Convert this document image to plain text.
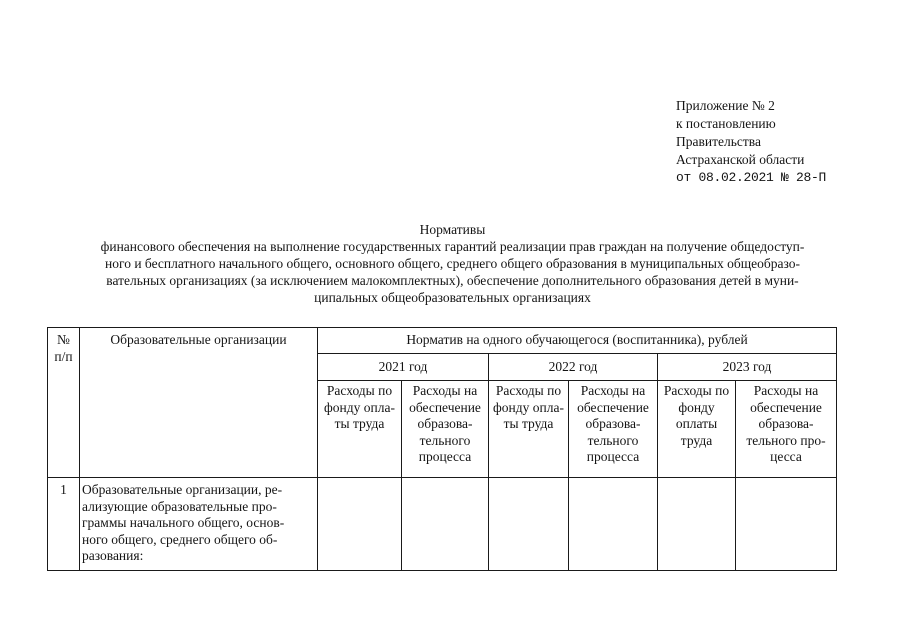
Приложение № 2
к постановлению
Правительства
Астраханской области
от 08.02.2021 № 28-П
Нормативы
финансового обеспечения на выполнение государственных гарантий реализации прав граждан на получение общедоступ-
ного и бесплатного начального общего, основного общего, среднего общего образования в муниципальных общеобразо-
вательных организациях (за исключением малокомплектных), обеспечение дополнительного образования детей в муни-
ципальных общеобразовательных организациях
№
п/п	Образовательные организации	Норматив на одного обучающегося (воспитанника), рублей					
		2021 год		2022 год		2023 год	
		Расходы по
фонду опла-
ты труда	Расходы на
обеспечение
образова-
тельного
процесса	Расходы по
фонду опла-
ты труда	Расходы на
обеспечение
образова-
тельного
процесса	Расходы по
фонду
оплаты
труда	Расходы на
обеспечение
образова-
тельного про-
цесса
1	Образовательные организации, ре-
ализующие образовательные про-
граммы начального общего, основ-
ного общего, среднего общего об-
разования:						
